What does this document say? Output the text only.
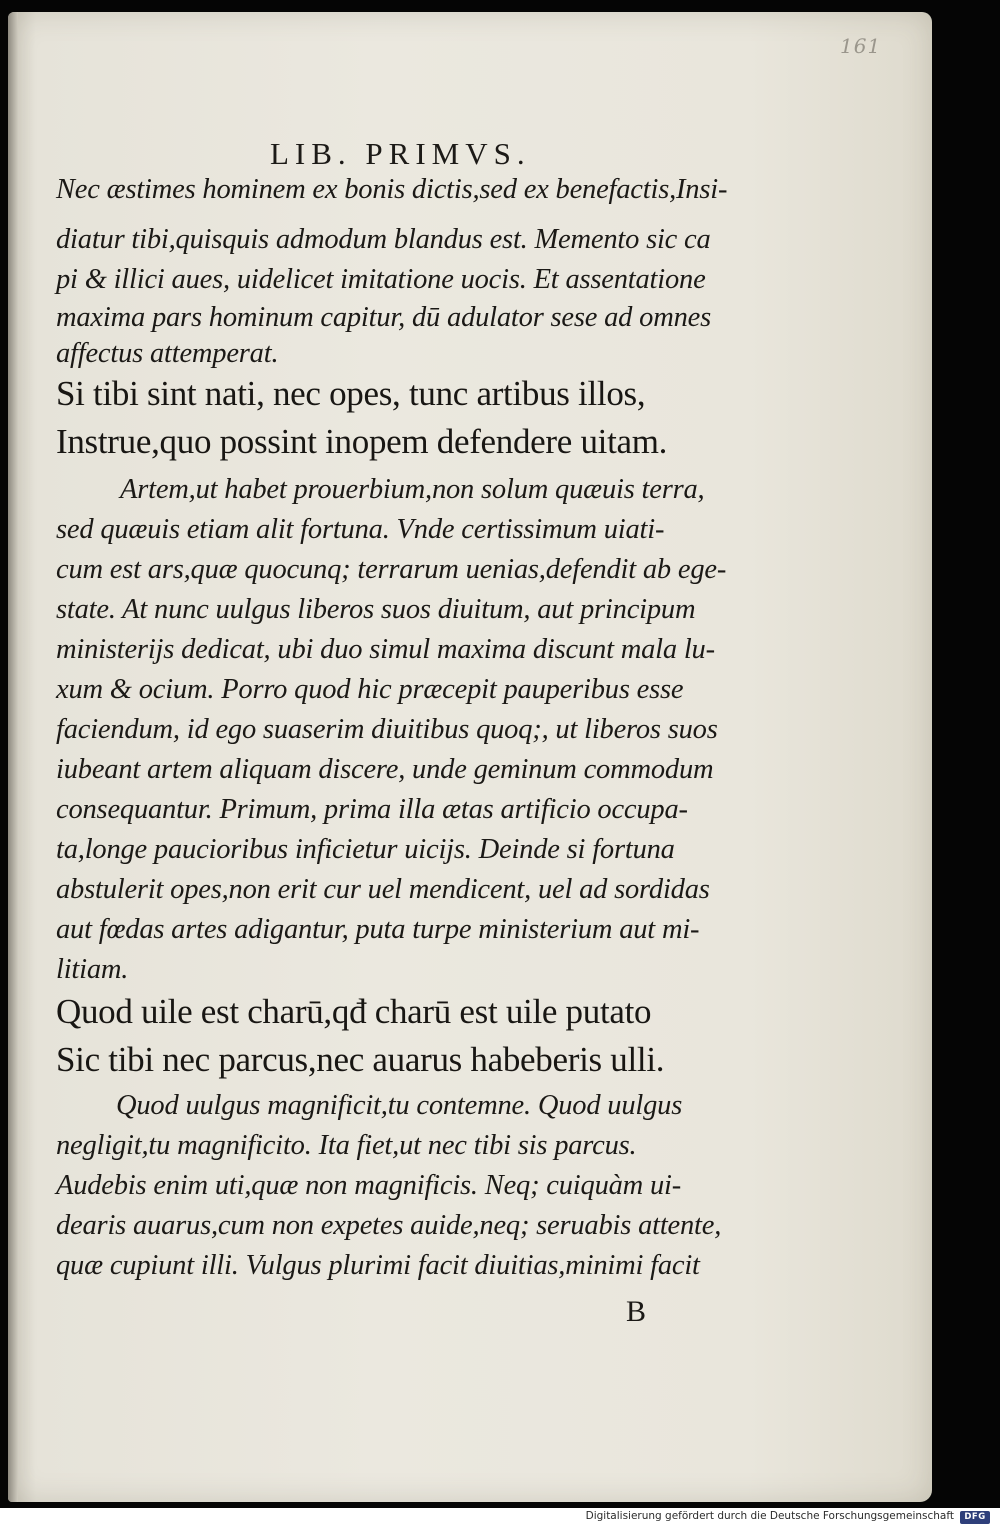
161
LIB. PRIMVS.
Nec æstimes hominem ex bonis dictis,sed ex benefactis,Insi-
diatur tibi,quisquis admodum blandus est. Memento sic ca
pi & illici aues, uidelicet imitatione uocis. Et assentatione
maxima pars hominum capitur, dū adulator sese ad omnes
affectus attemperat.
Si tibi sint nati, nec opes, tunc artibus illos,
Instrue,quo possint inopem defendere uitam.
Artem,ut habet prouerbium,non solum quæuis terra,
sed quæuis etiam alit fortuna. Vnde certissimum uiati-
cum est ars,quæ quocunq; terrarum uenias,defendit ab ege-
state. At nunc uulgus liberos suos diuitum, aut principum
ministerijs dedicat, ubi duo simul maxima discunt mala lu-
xum & ocium. Porro quod hic præcepit pauperibus esse
faciendum, id ego suaserim diuitibus quoq;, ut liberos suos
iubeant artem aliquam discere, unde geminum commodum
consequantur. Primum, prima illa ætas artificio occupa-
ta,longe paucioribus inficietur uicijs. Deinde si fortuna
abstulerit opes,non erit cur uel mendicent, uel ad sordidas
aut fœdas artes adigantur, puta turpe ministerium aut mi-
litiam.
Quod uile est charū,qđ charū est uile putato
Sic tibi nec parcus,nec auarus habeberis ulli.
Quod uulgus magnificit,tu contemne. Quod uulgus
negligit,tu magnificito. Ita fiet,ut nec tibi sis parcus.
Audebis enim uti,quæ non magnificis. Neq; cuiquàm ui-
dearis auarus,cum non expetes auide,neq; seruabis attente,
quæ cupiunt illi. Vulgus plurimi facit diuitias,minimi facit
B
Digitalisierung gefördert durch die Deutsche Forschungsgemeinschaft	DFG
